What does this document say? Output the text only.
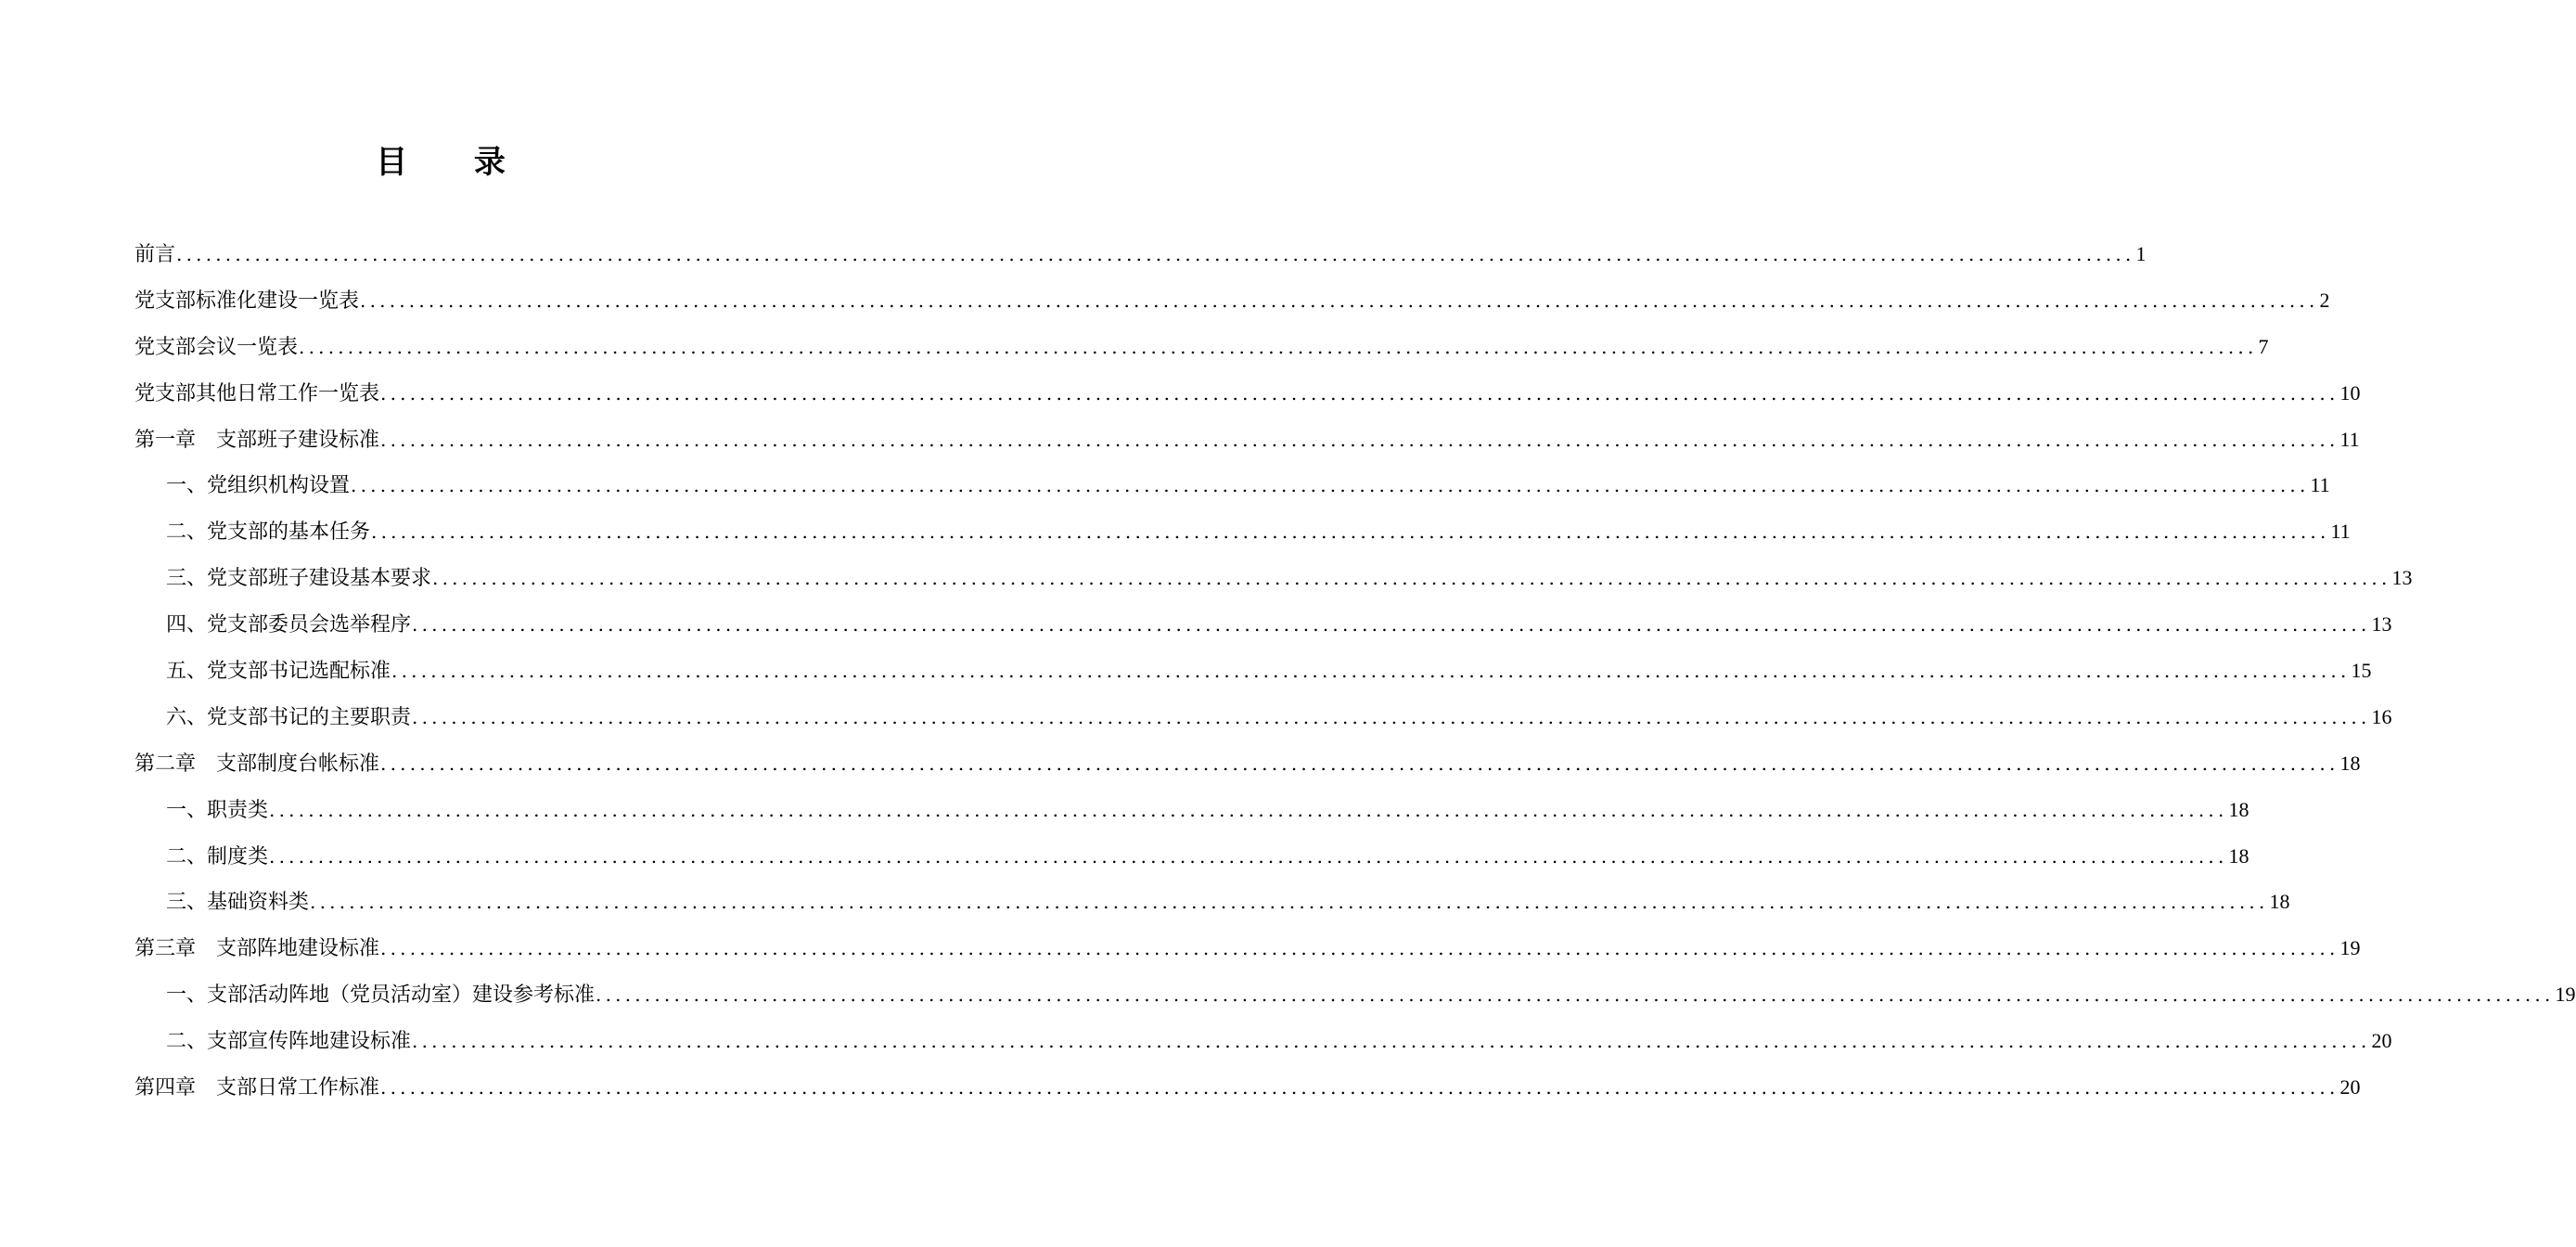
目 录
前言 ........................................................................................................................................................................................................ 1
党支部标准化建设一览表 ........................................................................................................................................................................................................ 2
党支部会议一览表 ........................................................................................................................................................................................................ 7
党支部其他日常工作一览表 ........................................................................................................................................................................................................ 10
第一章　支部班子建设标准 ........................................................................................................................................................................................................ 11
一、党组织机构设置 ........................................................................................................................................................................................................ 11
二、党支部的基本任务 ........................................................................................................................................................................................................ 11
三、党支部班子建设基本要求 ........................................................................................................................................................................................................ 13
四、党支部委员会选举程序 ........................................................................................................................................................................................................ 13
五、党支部书记选配标准 ........................................................................................................................................................................................................ 15
六、党支部书记的主要职责 ........................................................................................................................................................................................................ 16
第二章　支部制度台帐标准 ........................................................................................................................................................................................................ 18
一、职责类 ........................................................................................................................................................................................................ 18
二、制度类 ........................................................................................................................................................................................................ 18
三、基础资料类 ........................................................................................................................................................................................................ 18
第三章　支部阵地建设标准 ........................................................................................................................................................................................................ 19
一、支部活动阵地（党员活动室）建设参考标准 ........................................................................................................................................................................................................ 19
二、支部宣传阵地建设标准 ........................................................................................................................................................................................................ 20
第四章　支部日常工作标准 ........................................................................................................................................................................................................ 20
